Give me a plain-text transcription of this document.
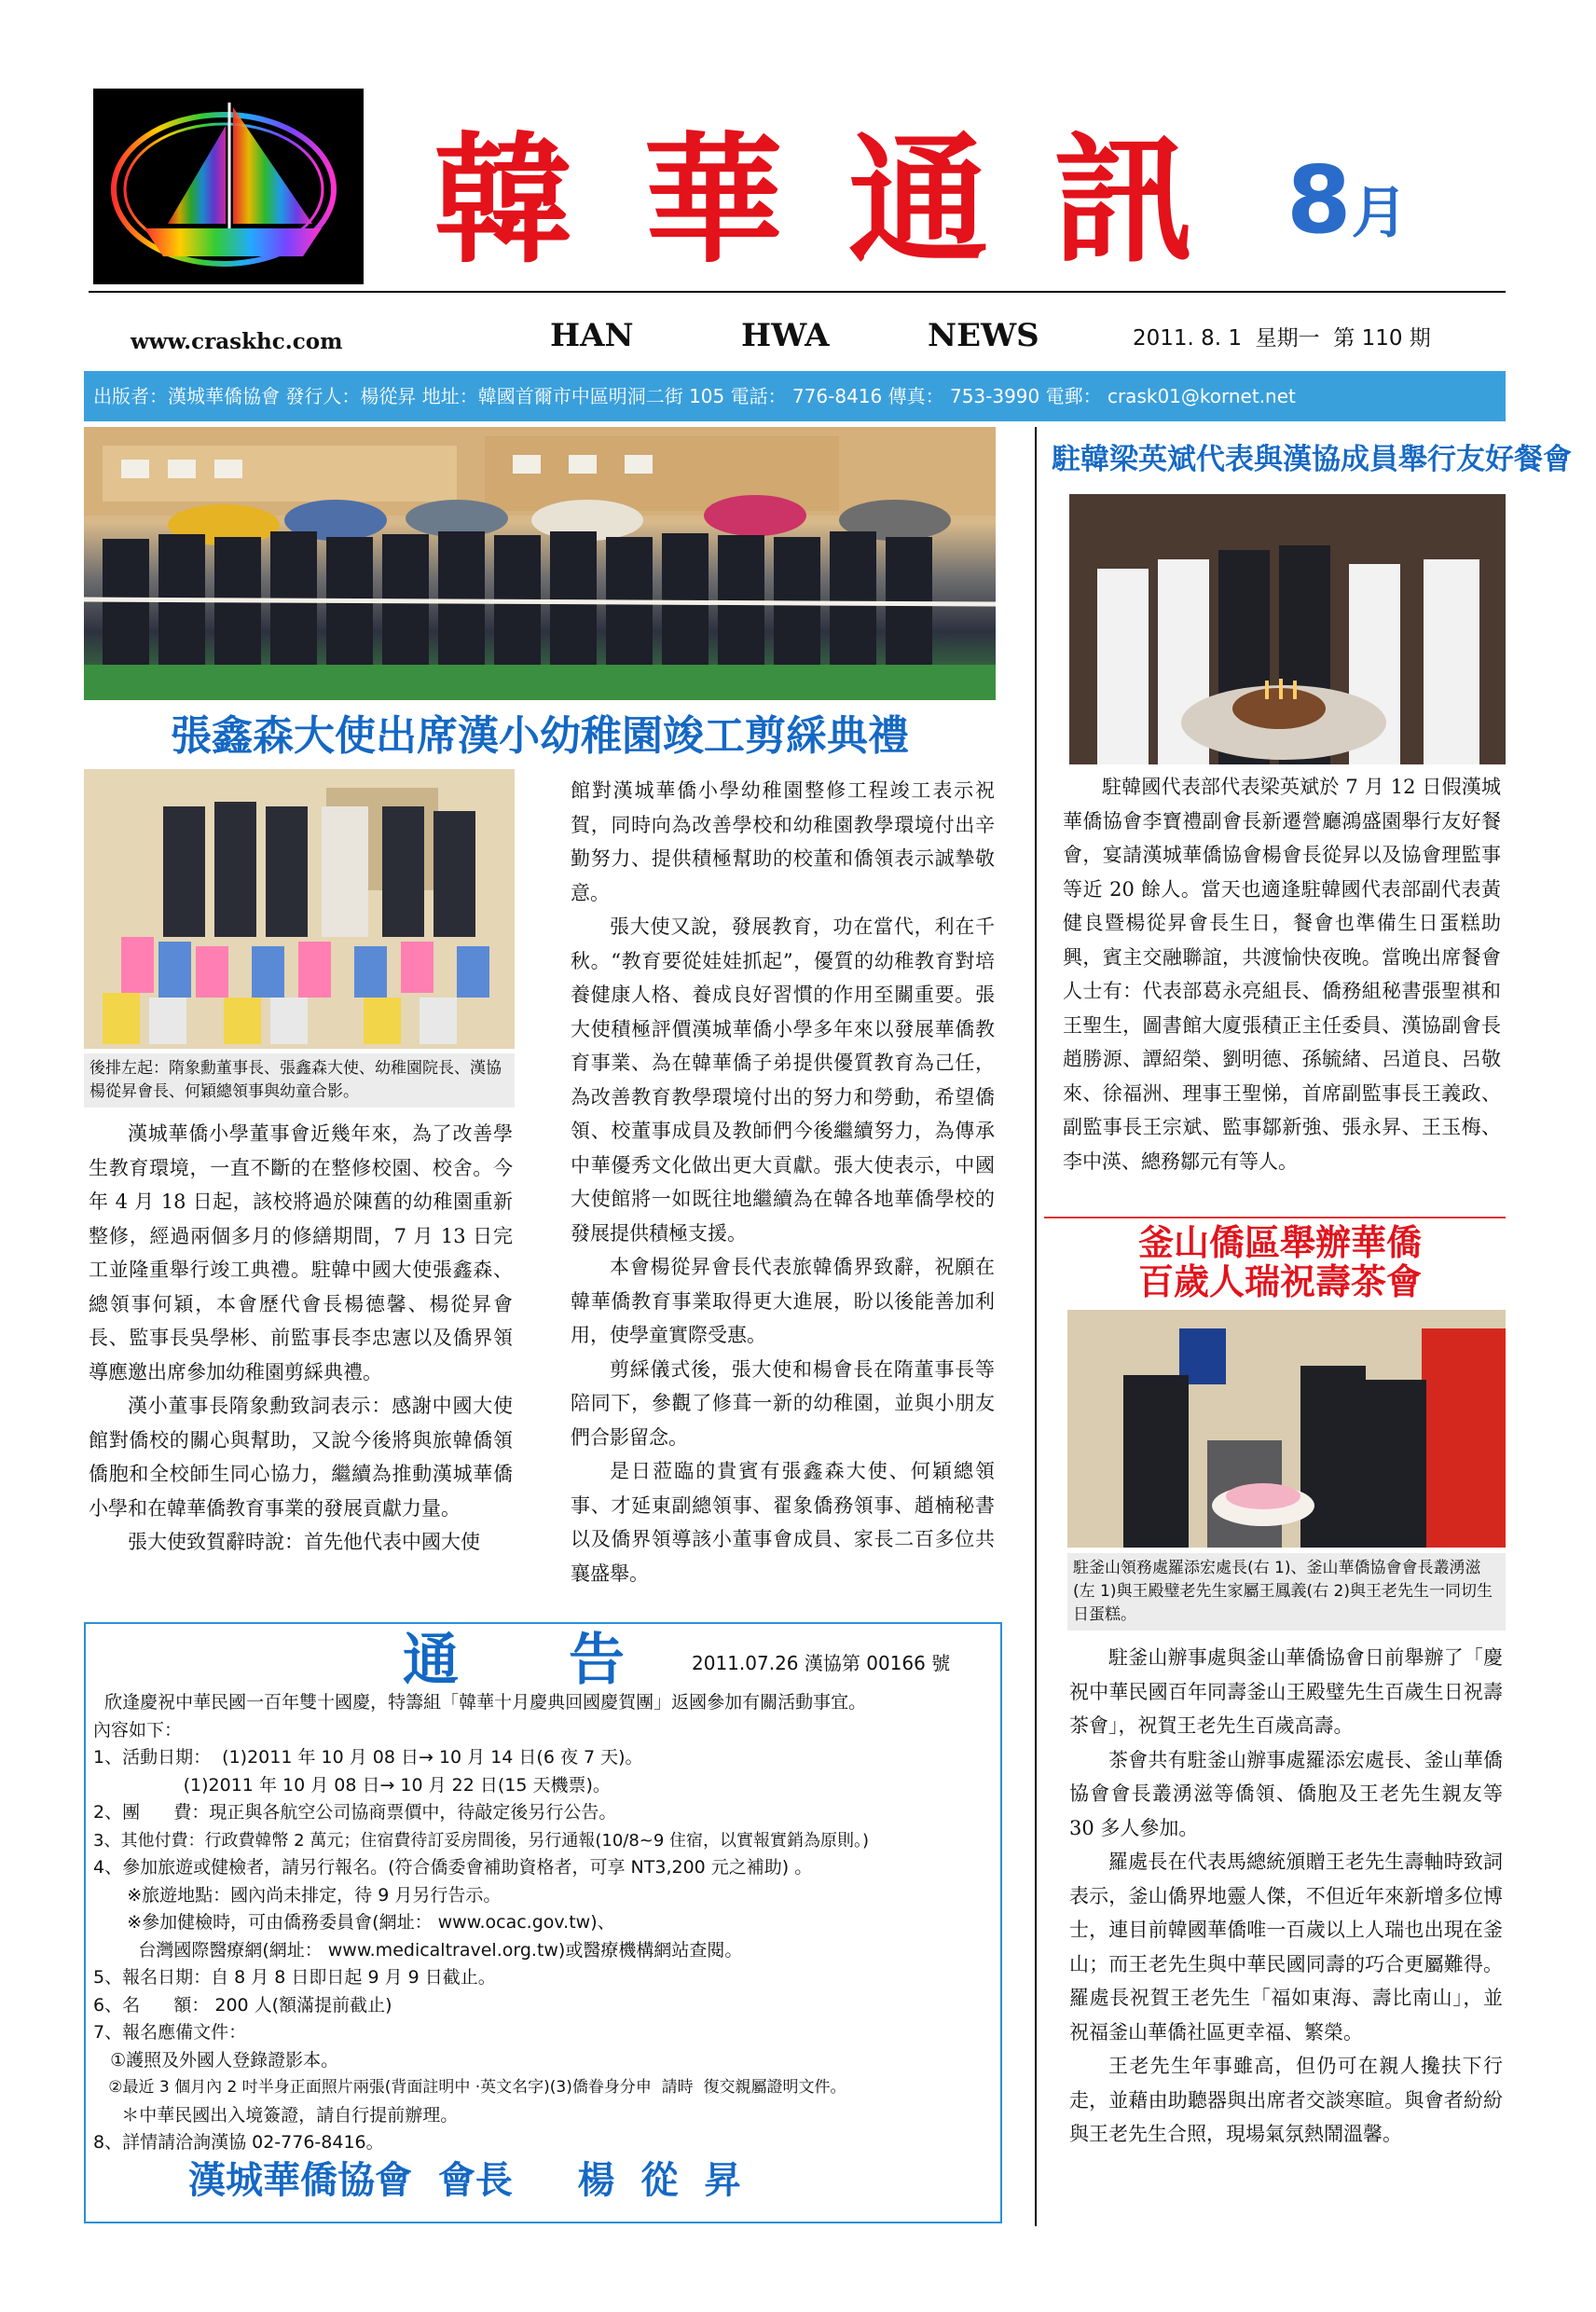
韓 華 通 訊 8月
www.craskhc.com	HAN	HWA	NEWS	2011. 8. 1  星期一  第 110 期
出版者：漢城華僑協會 發行人：楊從昇 地址：韓國首爾市中區明洞二街 105 電話： 776-8416 傳真： 753-3990 電郵： crask01@kornet.net
張鑫森大使出席漢小幼稚園竣工剪綵典禮
後排左起：隋象勳董事長、張鑫森大使、幼稚園院長、漢協楊從昇會長、何穎總領事與幼童合影。

漢城華僑小學董事會近幾年來，為了改善學生教育環境，一直不斷的在整修校園、校舍。今年 4 月 18 日起，該校將過於陳舊的幼稚園重新整修，經過兩個多月的修繕期間，7 月 13 日完工並隆重舉行竣工典禮。駐韓中國大使張鑫森、總領事何穎，本會歷代會長楊德馨、楊從昇會長、監事長吳學彬、前監事長李忠憲以及僑界領導應邀出席參加幼稚園剪綵典禮。

漢小董事長隋象勳致詞表示：感謝中國大使館對僑校的關心與幫助，又說今後將與旅韓僑領僑胞和全校師生同心協力，繼續為推動漢城華僑小學和在韓華僑教育事業的發展貢獻力量。

張大使致賀辭時說：首先他代表中國大使

館對漢城華僑小學幼稚園整修工程竣工表示祝賀，同時向為改善學校和幼稚園教學環境付出辛勤努力、提供積極幫助的校董和僑領表示誠摯敬意。

張大使又說，發展教育，功在當代，利在千秋。“教育要從娃娃抓起”，優質的幼稚教育對培養健康人格、養成良好習慣的作用至關重要。張大使積極評價漢城華僑小學多年來以發展華僑教育事業、為在韓華僑子弟提供優質教育為己任，為改善教育教學環境付出的努力和勞動，希望僑領、校董事成員及教師們今後繼續努力，為傳承中華優秀文化做出更大貢獻。張大使表示，中國大使館將一如既往地繼續為在韓各地華僑學校的發展提供積極支援。

本會楊從昇會長代表旅韓僑界致辭，祝願在韓華僑教育事業取得更大進展，盼以後能善加利用，使學童實際受惠。

剪綵儀式後，張大使和楊會長在隋董事長等陪同下，參觀了修葺一新的幼稚園，並與小朋友們合影留念。

是日蒞臨的貴賓有張鑫森大使、何穎總領事、才延東副總領事、翟象僑務領事、趙楠秘書以及僑界領導該小董事會成員、家長二百多位共襄盛舉。

駐韓梁英斌代表與漢協成員舉行友好餐會

駐韓國代表部代表梁英斌於 7 月 12 日假漢城華僑協會李寶禮副會長新遷營廳鴻盛園舉行友好餐會，宴請漢城華僑協會楊會長從昇以及協會理監事等近 20 餘人。當天也適逢駐韓國代表部副代表黃健良暨楊從昇會長生日，餐會也準備生日蛋糕助興，賓主交融聯誼，共渡愉快夜晚。當晚出席餐會人士有：代表部葛永亮組長、僑務組秘書張聖褀和王聖生，圖書館大廈張積正主任委員、漢協副會長趙勝源、譚紹榮、劉明德、孫毓緒、呂道良、呂敬來、徐福洲、理事王聖悌，首席副監事長王義政、副監事長王宗斌、監事鄒新強、張永昇、王玉梅、李中渶、總務鄒元有等人。

釜山僑區舉辦華僑
百歲人瑞祝壽茶會
駐釜山領務處羅添宏處長(右 1)、釜山華僑協會會長叢湧滋(左 1)與王殿璧老先生家屬王鳳義(右 2)與王老先生一同切生日蛋糕。

駐釜山辦事處與釜山華僑協會日前舉辦了「慶祝中華民國百年同壽釜山王殿璧先生百歲生日祝壽茶會」，祝賀王老先生百歲高壽。

茶會共有駐釜山辦事處羅添宏處長、釜山華僑協會會長叢湧滋等僑領、僑胞及王老先生親友等 30 多人參加。

羅處長在代表馬總統頒贈王老先生壽軸時致詞表示，釜山僑界地靈人傑，不但近年來新增多位博士，連目前韓國華僑唯一百歲以上人瑞也出現在釜山；而王老先生與中華民國同壽的巧合更屬難得。羅處長祝賀王老先生「福如東海、壽比南山」，並祝福釜山華僑社區更幸福、繁榮。

王老先生年事雖高，但仍可在親人攙扶下行走，並藉由助聽器與出席者交談寒暄。與會者紛紛與王老先生合照，現場氣氛熱鬧溫馨。

通 告	2011.07.26 漢協第 00166 號
欣逢慶祝中華民國一百年雙十國慶，特籌組「韓華十月慶典回國慶賀團」返國參加有關活動事宜。
內容如下：
1、活動日期：  (1)2011 年 10 月 08 日→ 10 月 14 日(6 夜 7 天)。
(1)2011 年 10 月 08 日→ 10 月 22 日(15 天機票)。
2、團      費：現正與各航空公司協商票價中，待敲定後另行公告。
3、其他付費：行政費韓幣 2 萬元；住宿費待訂妥房間後，另行通報(10/8~9 住宿，以實報實銷為原則。)
4、參加旅遊或健檢者，請另行報名。(符合僑委會補助資格者，可享 NT3,200 元之補助) 。
※旅遊地點：國內尚未排定，待 9 月另行告示。
※參加健檢時，可由僑務委員會(網址： www.ocac.gov.tw)、
台灣國際醫療網(網址： www.medicaltravel.org.tw)或醫療機構網站查閱。
5、報名日期：自 8 月 8 日即日起 9 月 9 日截止。
6、名      額： 200 人(額滿提前截止)
7、報名應備文件：
①護照及外國人登錄證影本。
②最近 3 個月內 2 吋半身正面照片兩張(背面註明中 ·英文名字)(3)僑眷身分申  請時  復交親屬證明文件。
＊中華民國出入境簽證，請自行提前辦理。
8、詳情請洽詢漢協 02-776-8416。
漢城華僑協會  會長     楊  從  昇
